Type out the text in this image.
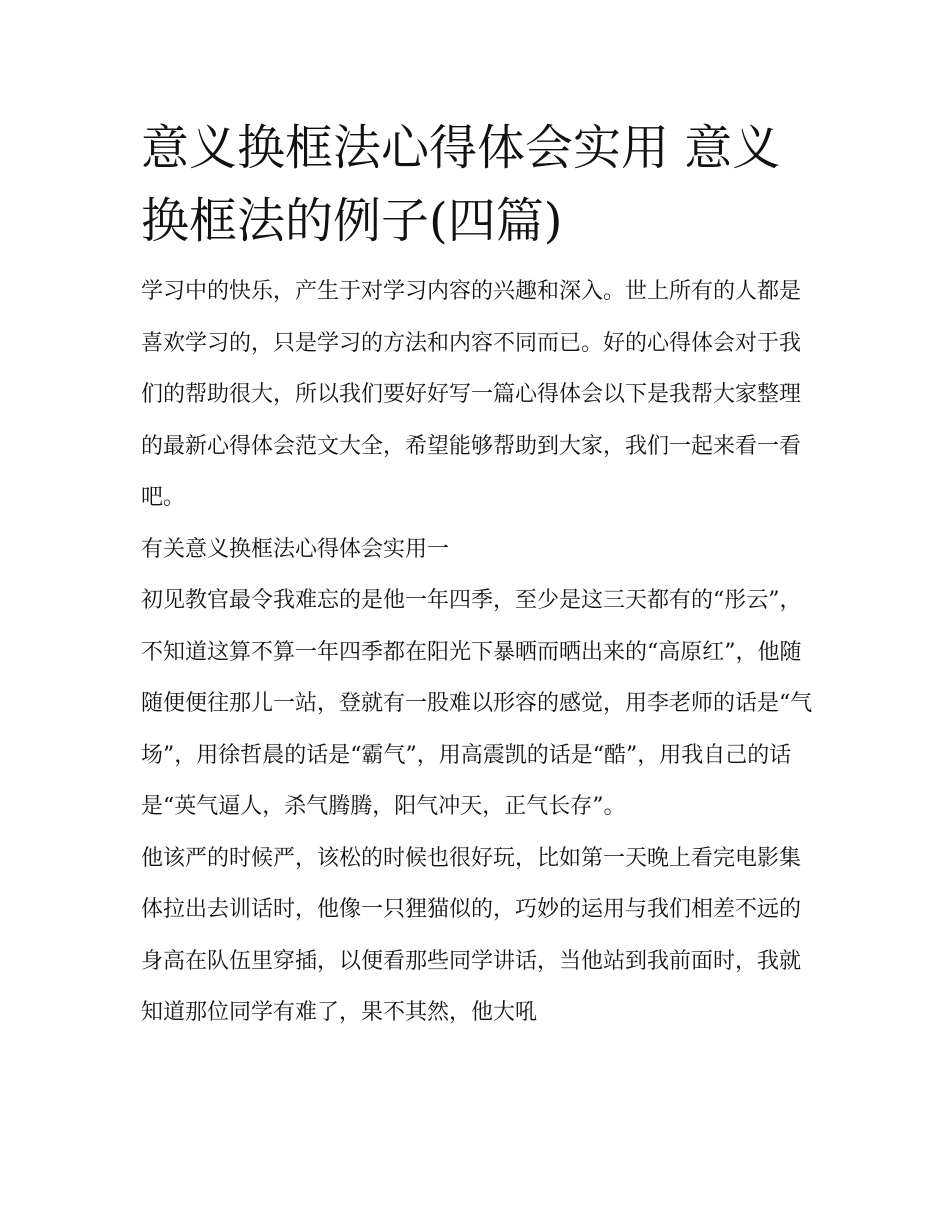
意义换框法心得体会实用 意义换框法的例子(四篇)

学习中的快乐，产生于对学习内容的兴趣和深入。世上所有的人都是喜欢学习的，只是学习的方法和内容不同而已。好的心得体会对于我们的帮助很大，所以我们要好好写一篇心得体会以下是我帮大家整理的最新心得体会范文大全，希望能够帮助到大家，我们一起来看一看吧。

有关意义换框法心得体会实用一

初见教官最令我难忘的是他一年四季，至少是这三天都有的“彤云”，不知道这算不算一年四季都在阳光下暴晒而晒出来的“高原红”，他随随便便往那儿一站，登就有一股难以形容的感觉，用李老师的话是“气场”，用徐哲晨的话是“霸气”，用高震凯的话是“酷”，用我自己的话是“英气逼人，杀气腾腾，阳气冲天，正气长存”。

他该严的时候严，该松的时候也很好玩，比如第一天晚上看完电影集体拉出去训话时，他像一只狸猫似的，巧妙的运用与我们相差不远的身高在队伍里穿插，以便看那些同学讲话，当他站到我前面时，我就知道那位同学有难了，果不其然，他大吼
